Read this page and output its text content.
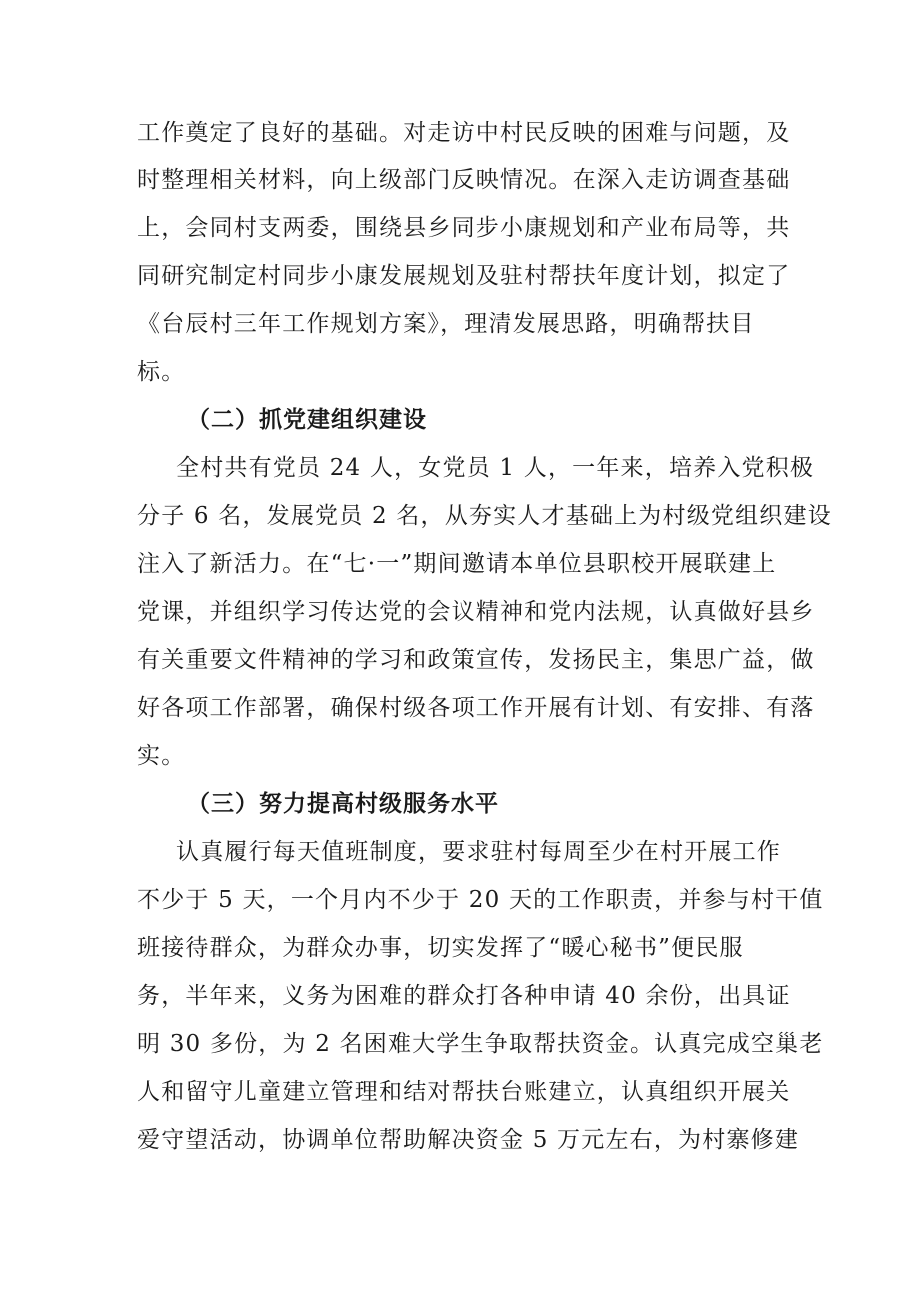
工作奠定了良好的基础。对走访中村民反映的困难与问题，及
时整理相关材料，向上级部门反映情况。在深入走访调查基础
上，会同村支两委，围绕县乡同步小康规划和产业布局等，共
同研究制定村同步小康发展规划及驻村帮扶年度计划，拟定了
《台辰村三年工作规划方案》，理清发展思路，明确帮扶目
标。
（二）抓党建组织建设
全村共有党员 24 人，女党员 1 人，一年来，培养入党积极
分子 6 名，发展党员 2 名，从夯实人才基础上为村级党组织建设
注入了新活力。在“七·一”期间邀请本单位县职校开展联建上
党课，并组织学习传达党的会议精神和党内法规，认真做好县乡
有关重要文件精神的学习和政策宣传，发扬民主，集思广益，做
好各项工作部署，确保村级各项工作开展有计划、有安排、有落
实。
（三）努力提高村级服务水平
认真履行每天值班制度，要求驻村每周至少在村开展工作
不少于 5 天，一个月内不少于 20 天的工作职责，并参与村干值
班接待群众，为群众办事，切实发挥了“暖心秘书”便民服
务，半年来，义务为困难的群众打各种申请 40 余份，出具证
明 30 多份，为 2 名困难大学生争取帮扶资金。认真完成空巢老
人和留守儿童建立管理和结对帮扶台账建立，认真组织开展关
爱守望活动，协调单位帮助解决资金 5 万元左右，为村寨修建
